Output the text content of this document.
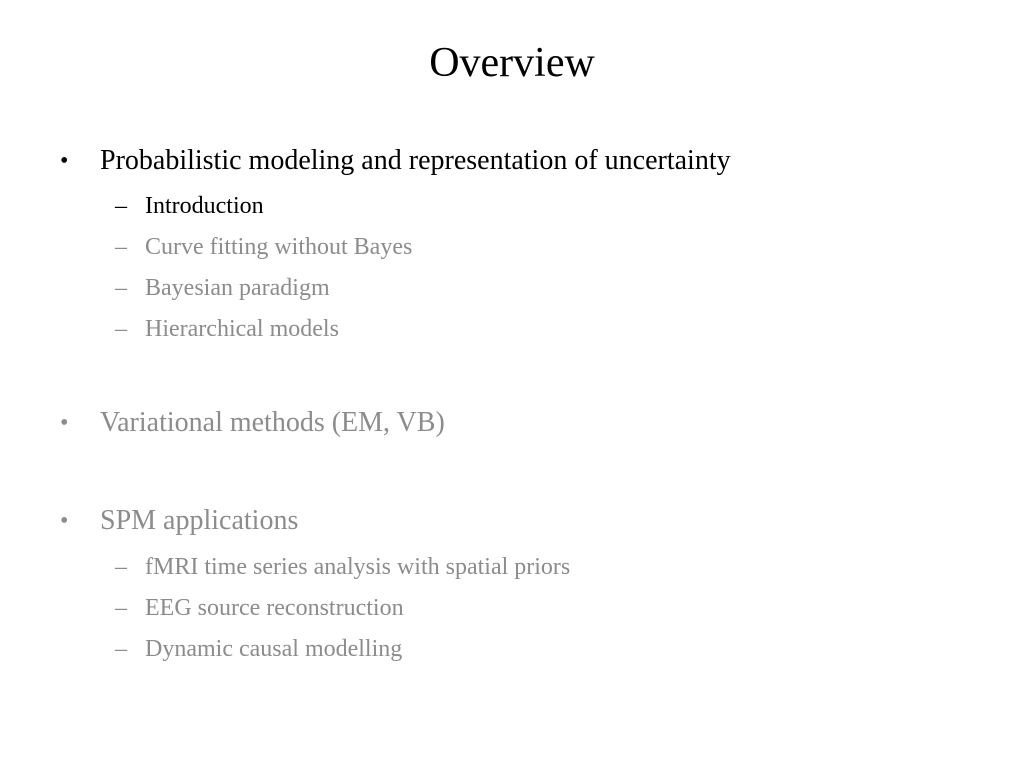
Overview
• Probabilistic modeling and representation of uncertainty
– Introduction
– Curve fitting without Bayes
– Bayesian paradigm
– Hierarchical models
• Variational methods (EM, VB)
• SPM applications
– fMRI time series analysis with spatial priors
– EEG source reconstruction
– Dynamic causal modelling
